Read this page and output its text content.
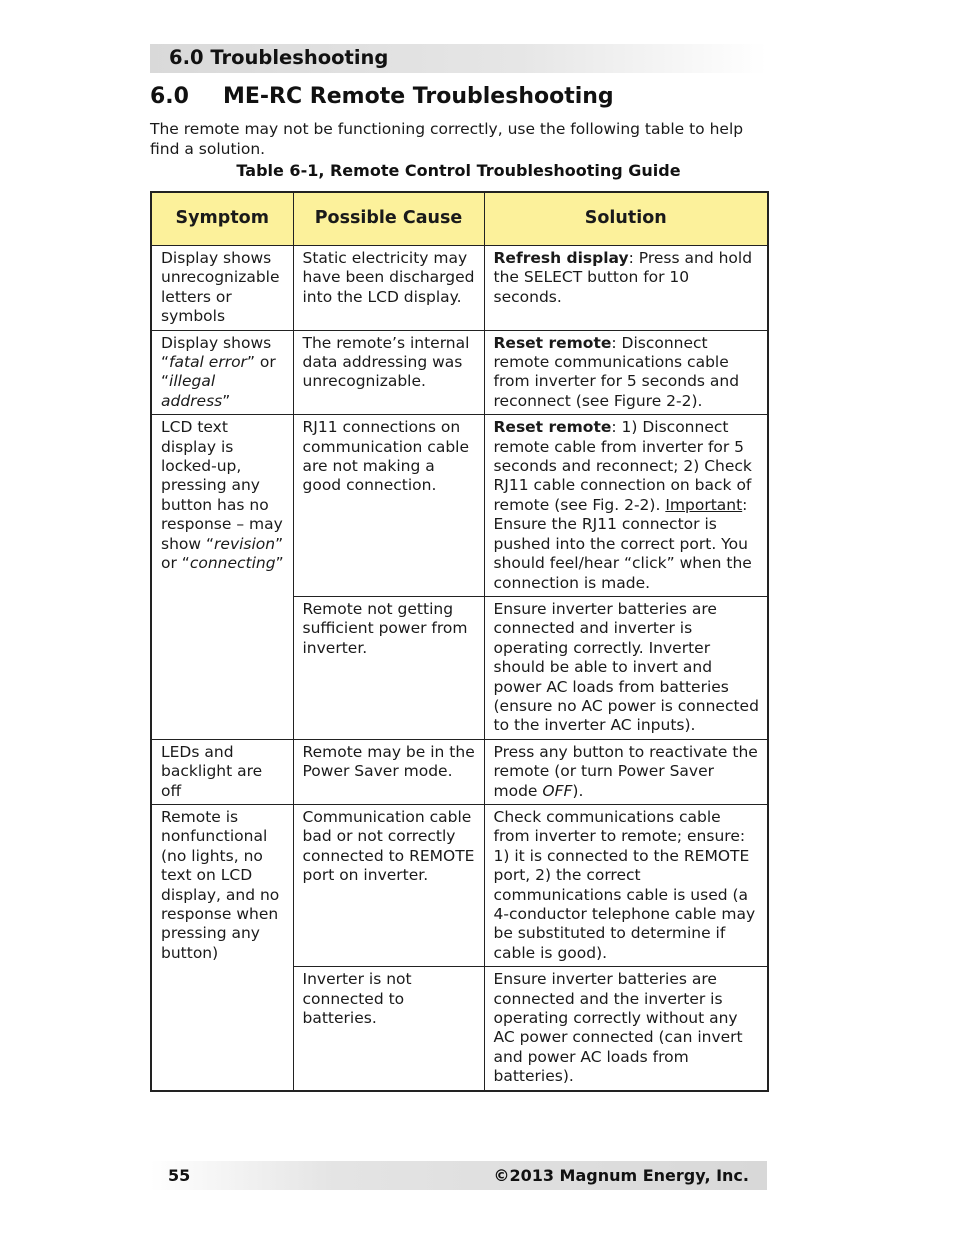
6.0 Troubleshooting
6.0 ME-RC Remote Troubleshooting
The remote may not be functioning correctly, use the following table to help find a solution.
Table 6-1, Remote Control Troubleshooting Guide
Symptom	Possible Cause	Solution
Display shows unrecognizable letters or symbols	Static electricity may have been discharged into the LCD display.	Refresh display: Press and hold the SELECT button for 10 seconds.
Display shows “fatal error” or “illegal address”	The remote’s internal data addressing was unrecognizable.	Reset remote: Disconnect remote communications cable from inverter for 5 seconds and reconnect (see Figure 2-2).
LCD text display is locked-up, pressing any button has no response – may show “revision” or “connecting”	RJ11 connections on communication cable are not making a good connection.	Reset remote: 1) Disconnect remote cable from inverter for 5 seconds and reconnect; 2) Check RJ11 cable connection on back of remote (see Fig. 2-2). Important: Ensure the RJ11 connector is pushed into the correct port. You should feel/hear “click” when the connection is made.
	Remote not getting sufficient power from inverter.	Ensure inverter batteries are connected and inverter is operating correctly. Inverter should be able to invert and power AC loads from batteries (ensure no AC power is connected to the inverter AC inputs).
LEDs and backlight are off	Remote may be in the Power Saver mode.	Press any button to reactivate the remote (or turn Power Saver mode OFF).
Remote is nonfunctional (no lights, no text on LCD display, and no response when pressing any button)	Communication cable bad or not correctly connected to REMOTE port on inverter.	Check communications cable from inverter to remote; ensure: 1) it is connected to the REMOTE port, 2) the correct communications cable is used (a 4-conductor telephone cable may be substituted to determine if cable is good).
	Inverter is not connected to batteries.	Ensure inverter batteries are connected and the inverter is operating correctly without any AC power connected (can invert and power AC loads from batteries).
55	©2013 Magnum Energy, Inc.
